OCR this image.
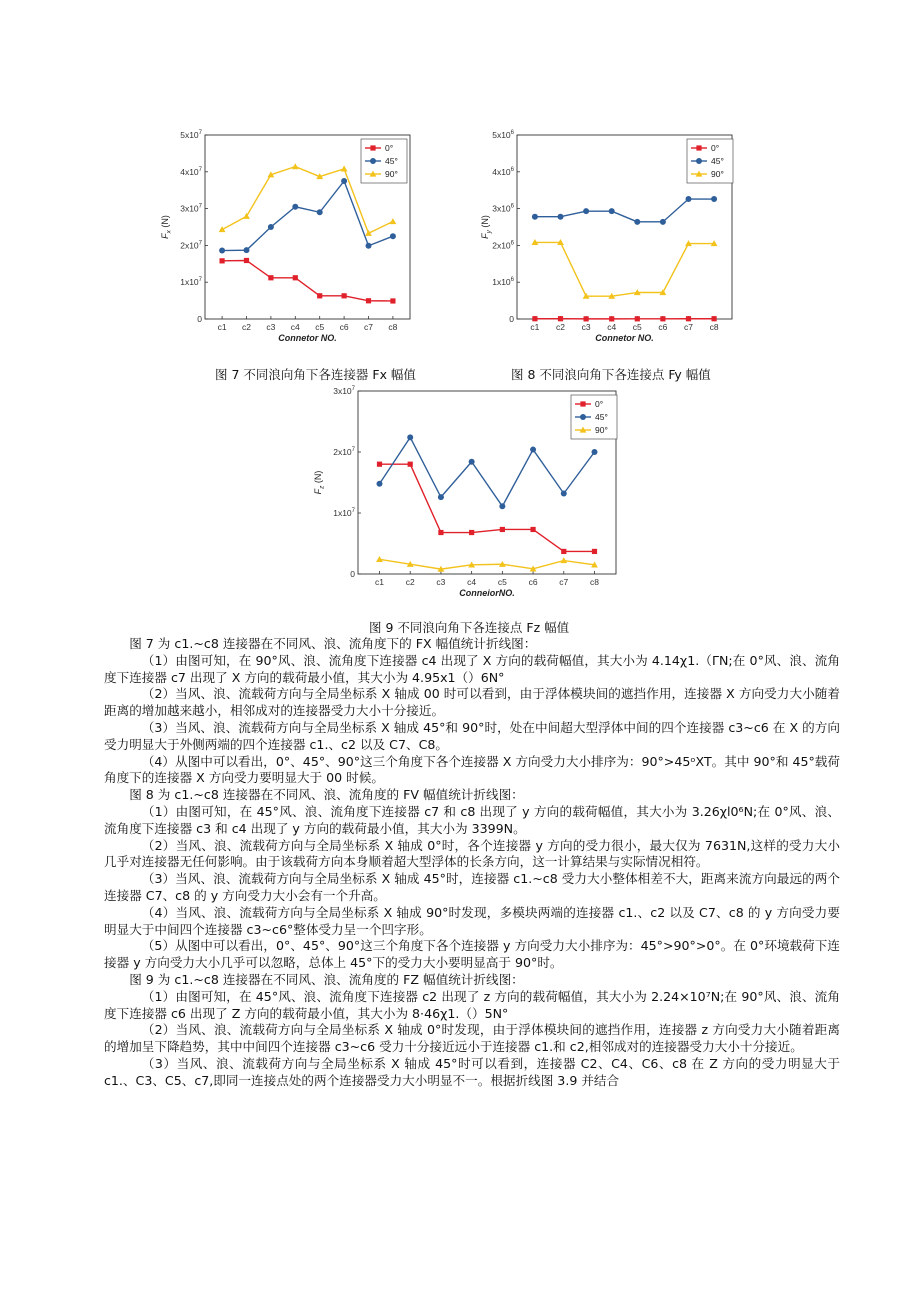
0
$1x10^7$
$2x10^7$
$3x10^7$
$4x10^7$
$5x10^7$
c1 c2 c3 c4 c5 c6 c7 c8
Connetor NO.
$F_x$ (N)
0°
45°
90°
0
$1x10^6$
$2x10^6$
$3x10^6$
$4x10^6$
$5x10^6$
c1 c2 c3 c4 c5 c6 c7 c8
Connetor NO.
$F_y$ (N)
0°
45°
90°
0
$1x10^7$
$2x10^7$
$3x10^7$
c1	c2	c3	c4	c5	c6	c7	c8
ConneiorNO.
$F_z$ (N)
0°
45°
90°
图 7 不同浪向角下各连接器 Fx 幅值	图 8 不同浪向角下各连接点 Fy 幅值
图 9 不同浪向角下各连接点 Fz 幅值

图 7 为 c1.~c8 连接器在不同风、浪、流角度下的 FX 幅值统计折线图：

（1）由图可知，在 90°风、浪、流角度下连接器 c4 出现了 X 方向的载荷幅值，其大小为 4.14χ1.（ΓN;在 0°风、浪、流角度下连接器 c7 出现了 X 方向的载荷最小值，其大小为 4.95x1（）6N°

（2）当风、浪、流载荷方向与全局坐标系 X 轴成 00 时可以看到，由于浮体模块间的遮挡作用，连接器 X 方向受力大小随着距离的增加越来越小，相邻成对的连接器受力大小十分接近。

（3）当风、浪、流载荷方向与全局坐标系 X 轴成 45°和 90°时，处在中间超大型浮体中间的四个连接器 c3~c6 在 X 的方向受力明显大于外侧两端的四个连接器 c1.、c2 以及 C7、C8。

（4）从图中可以看出，0°、45°、90°这三个角度下各个连接器 X 方向受力大小排序为：90°>45ᵒXT。其中 90°和 45°载荷角度下的连接器 X 方向受力要明显大于 00 时候。

图 8 为 c1.~c8 连接器在不同风、浪、流角度的 FV 幅值统计折线图：

（1）由图可知，在 45°风、浪、流角度下连接器 c7 和 c8 出现了 y 方向的载荷幅值，其大小为 3.26χl0⁶N;在 0°风、浪、流角度下连接器 c3 和 c4 出现了 y 方向的载荷最小值，其大小为 3399N。

（2）当风、浪、流载荷方向与全局坐标系 X 轴成 0°时，各个连接器 y 方向的受力很小，最大仅为 7631N,这样的受力大小几乎对连接器无任何影响。由于该载荷方向本身顺着超大型浮体的长条方向，这一计算结果与实际情况相符。

（3）当风、浪、流载荷方向与全局坐标系 X 轴成 45°时，连接器 c1.~c8 受力大小整体相差不大，距离来流方向最远的两个连接器 C7、c8 的 y 方向受力大小会有一个升高。

（4）当风、浪、流载荷方向与全局坐标系 X 轴成 90°时发现，多模块两端的连接器 c1.、c2 以及 C7、c8 的 y 方向受力要明显大于中间四个连接器 c3~c6°整体受力呈一个凹字形。

（5）从图中可以看出，0°、45°、90°这三个角度下各个连接器 y 方向受力大小排序为：45°>90°>0°。在 0°环境载荷下连接器 y 方向受力大小几乎可以忽略，总体上 45°下的受力大小要明显高于 90°时。

图 9 为 c1.~c8 连接器在不同风、浪、流角度的 FZ 幅值统计折线图：

（1）由图可知，在 45°风、浪、流角度下连接器 c2 出现了 z 方向的载荷幅值，其大小为 2.24×10⁷N;在 90°风、浪、流角度下连接器 c6 出现了 Z 方向的载荷最小值，其大小为 8·46χ1.（）5N°

（2）当风、浪、流载荷方向与全局坐标系 X 轴成 0°时发现，由于浮体模块间的遮挡作用，连接器 z 方向受力大小随着距离的增加呈下降趋势，其中中间四个连接器 c3~c6 受力十分接近远小于连接器 c1.和 c2,相邻成对的连接器受力大小十分接近。

（3）当风、浪、流载荷方向与全局坐标系 X 轴成 45°时可以看到，连接器 C2、C4、C6、c8 在 Z 方向的受力明显大于 c1.、C3、C5、c7,即同一连接点处的两个连接器受力大小明显不一。根据折线图 3.9 并结合
